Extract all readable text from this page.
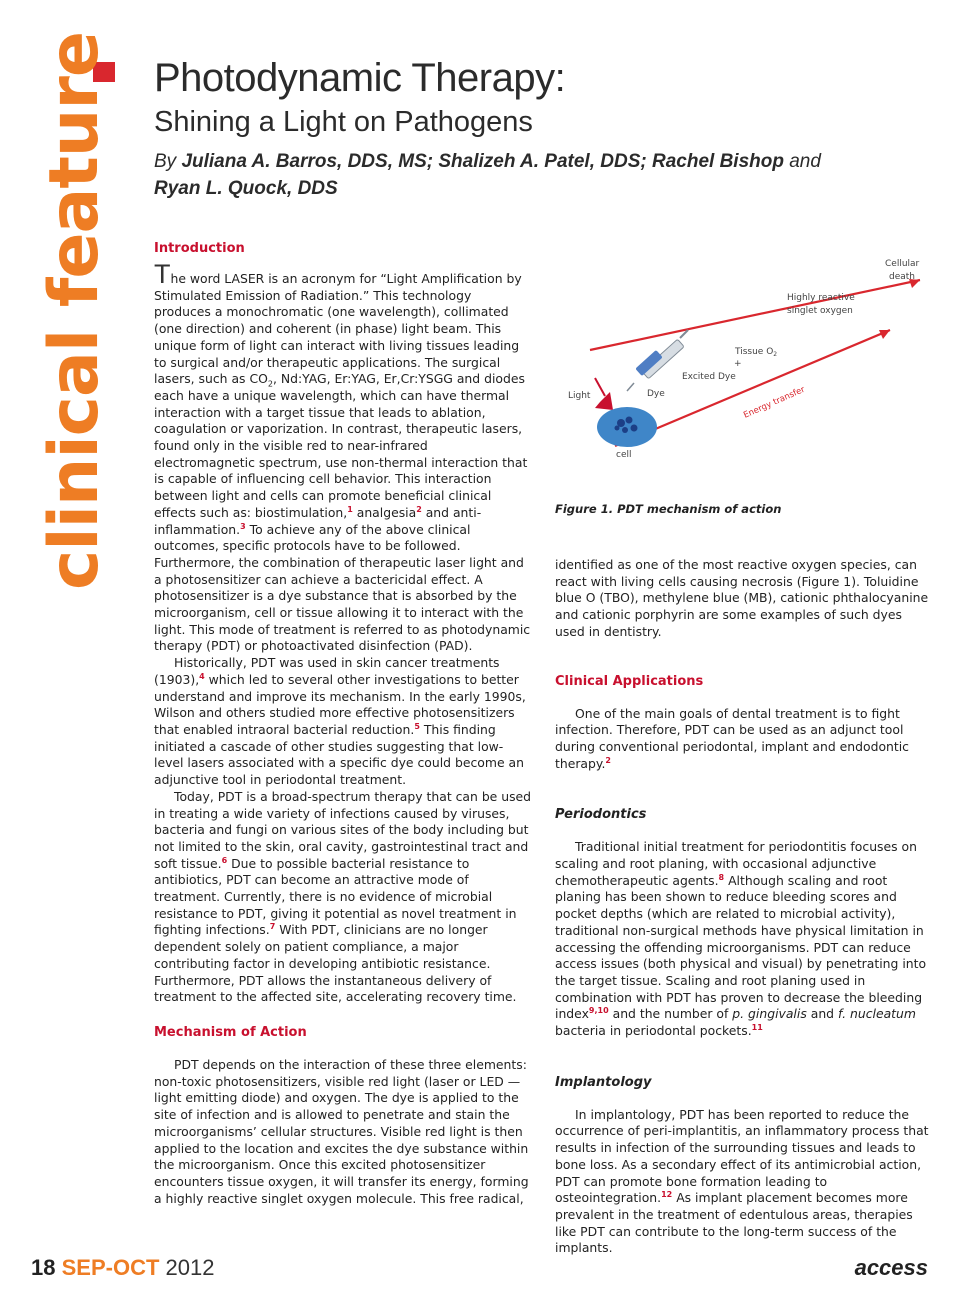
clinical feature	Photodynamic Therapy:
Shining a Light on Pathogens
By Juliana A. Barros, DDS, MS; Shalizeh A. Patel, DDS; Rachel Bishop and
Ryan L. Quock, DDS

Introduction

The word LASER is an acronym for “Light Amplification by Stimulated Emission of Radiation.” This technology produces a monochromatic (one wavelength), collimated (one direction) and coherent (in phase) light beam. This unique form of light can interact with living tissues leading to surgical and/or therapeutic applications. The surgical lasers, such as $CO_2$, Nd:YAG, Er:YAG, Er,Cr:YSGG and diodes each have a unique wavelength, which can have thermal interaction with a target tissue that leads to ablation, coagulation or vaporization. In contrast, therapeutic lasers, found only in the visible red to near-infrared electromagnetic spectrum, use non-thermal interaction that is capable of influencing cell behavior. This interaction between light and cells can promote beneficial clinical effects such as: biostimulation,$^1$ analgesia$^2$ and anti-inflammation.$^3$ To achieve any of the above clinical outcomes, specific protocols have to be followed. Furthermore, the combination of therapeutic laser light and a photosensitizer can achieve a bactericidal effect. A photosensitizer is a dye substance that is absorbed by the microorganism, cell or tissue allowing it to interact with the light. This mode of treatment is referred to as photodynamic therapy (PDT) or photoactivated disinfection (PAD).

Historically, PDT was used in skin cancer treatments (1903),$^4$ which led to several other investigations to better understand and improve its mechanism. In the early 1990s, Wilson and others studied more effective photosensitizers that enabled intraoral bacterial reduction.$^5$ This finding initiated a cascade of other studies suggesting that low-level lasers associated with a specific dye could become an adjunctive tool in periodontal treatment.

Today, PDT is a broad-spectrum therapy that can be used in treating a wide variety of infections caused by viruses, bacteria and fungi on various sites of the body including but not limited to the skin, oral cavity, gastrointestinal tract and soft tissue.$^6$ Due to possible bacterial resistance to antibiotics, PDT can become an attractive mode of treatment. Currently, there is no evidence of microbial resistance to PDT, giving it potential as novel treatment in fighting infections.$^7$ With PDT, clinicians are no longer dependent solely on patient compliance, a major contributing factor in developing antibiotic resistance. Furthermore, PDT allows the instantaneous delivery of treatment to the affected site, accelerating recovery time.

Mechanism of Action

PDT depends on the interaction of these three elements: non-toxic photosensitizers, visible red light (laser or LED — light emitting diode) and oxygen. The dye is applied to the site of infection and is allowed to penetrate and stain the microorganisms’ cellular structures. Visible red light is then applied to the location and excites the dye substance within the microorganism. Once this excited photosensitizer encounters tissue oxygen, it will transfer its energy, forming a highly reactive singlet oxygen molecule. This free radical,

Light	Dye
cell
Excited Dye
+
Tissue $O_2$
Energy transfer
Highly reactive
singlet oxygen
Cellular
death
Figure 1. PDT mechanism of action

identified as one of the most reactive oxygen species, can react with living cells causing necrosis (Figure 1). Toluidine blue O (TBO), methylene blue (MB), cationic phthalocyanine and cationic porphyrin are some examples of such dyes used in dentistry.

Clinical Applications

One of the main goals of dental treatment is to fight infection. Therefore, PDT can be used as an adjunct tool during conventional periodontal, implant and endodontic therapy.$^2$

Periodontics

Traditional initial treatment for periodontitis focuses on scaling and root planing, with occasional adjunctive chemotherapeutic agents.$^8$ Although scaling and root planing has been shown to reduce bleeding scores and pocket depths (which are related to microbial activity), traditional non-surgical methods have physical limitation in accessing the offending microorganisms. PDT can reduce access issues (both physical and visual) by penetrating into the target tissue. Scaling and root planing used in combination with PDT has proven to decrease the bleeding index$^{9,10}$ and the number of p. gingivalis and f. nucleatum bacteria in periodontal pockets.$^{11}$

Implantology

In implantology, PDT has been reported to reduce the occurrence of peri-implantitis, an inflammatory process that results in infection of the surrounding tissues and leads to bone loss. As a secondary effect of its antimicrobial action, PDT can promote bone formation leading to osteointegration.$^{12}$ As implant placement becomes more prevalent in the treatment of edentulous areas, therapies like PDT can contribute to the long-term success of the implants.

18 SEP-OCT 2012	access
